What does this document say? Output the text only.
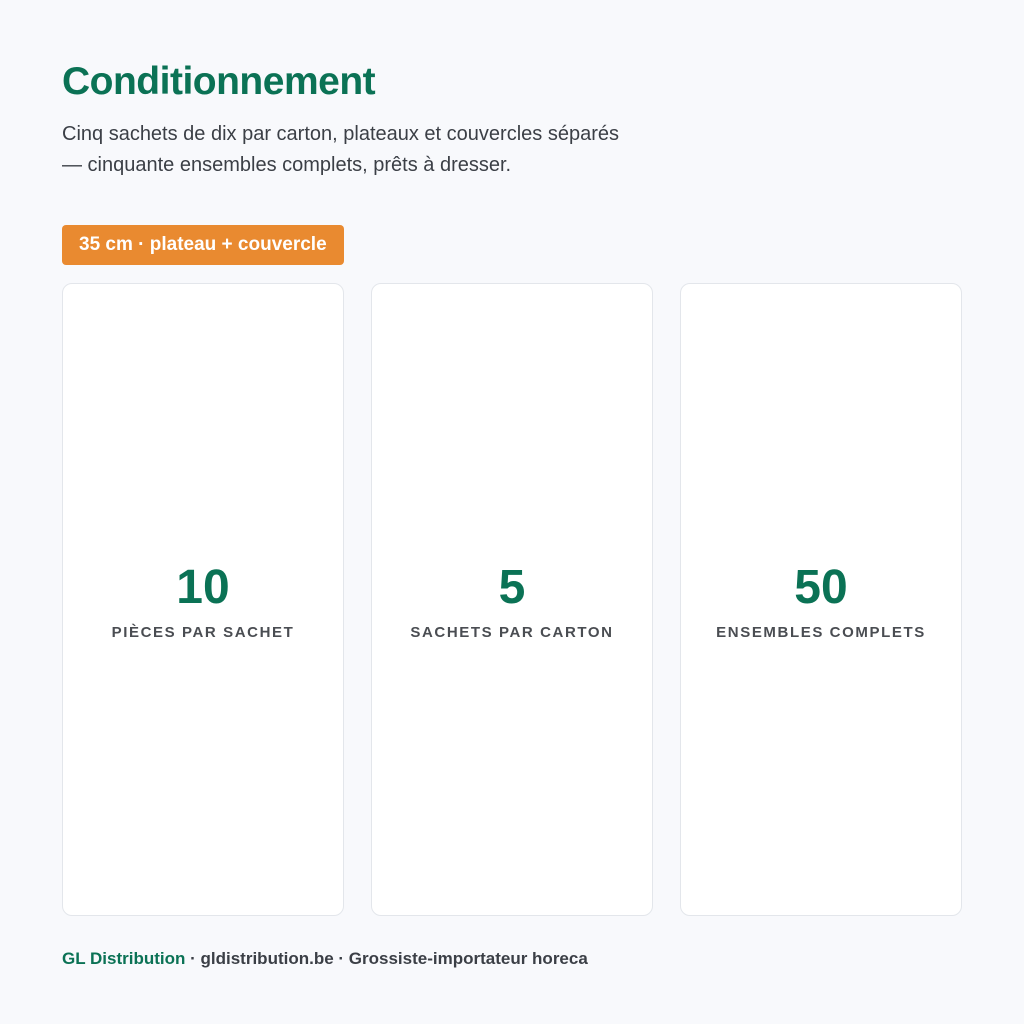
Conditionnement

Cinq sachets de dix par carton, plateaux et couvercles séparés — cinquante ensembles complets, prêts à dresser.

35 cm · plateau + couvercle
10
PIÈCES PAR SACHET
5
SACHETS PAR CARTON
50
ENSEMBLES COMPLETS
GL Distribution · gldistribution.be · Grossiste-importateur horeca
